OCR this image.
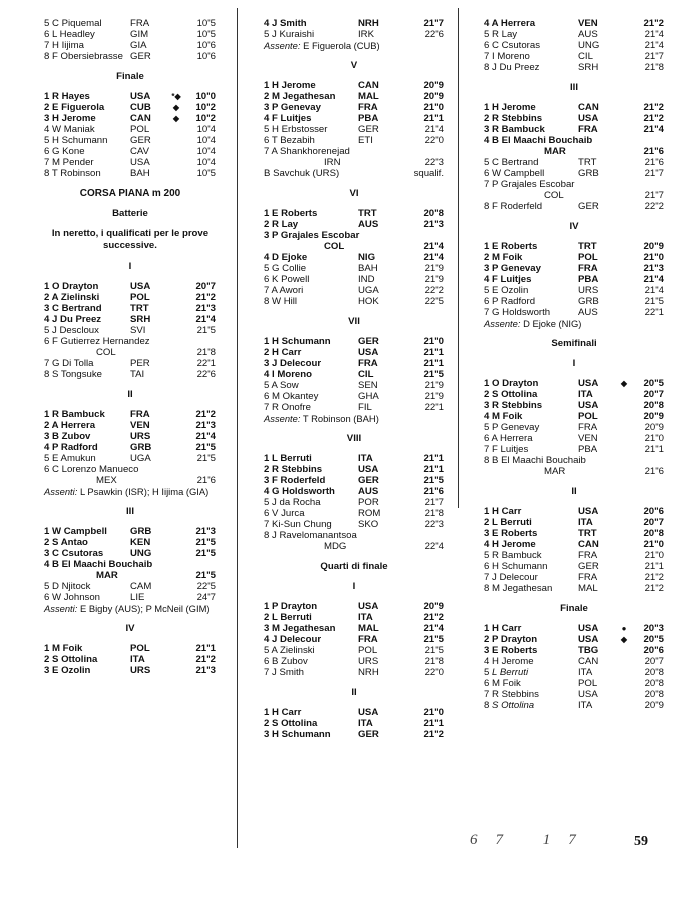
5 C Piquemal	FRA	10"5
6 L Headley	GIM	10"5
7 H Iijima	GIA	10"6
8 F Obersiebrasse GER	10"6
Finale
1 R Hayes	USA	*◆	10"0
2 E Figuerola	CUB	◆	10"2
3 H Jerome	CAN	◆	10"2
4 W Maniak	POL	10"4
5 H Schumann	GER	10"4
6 G Kone	CAV	10"4
7 M Pender	USA	10"4
8 T Robinson	BAH	10"5
CORSA PIANA m 200
Batterie
In neretto, i qualificati per le prove successive.
I
1 O Drayton	USA	20"7
2 A Zielinski	POL	21"2
3 C Bertrand	TRT	21"3
4 J Du Preez	SRH	21"4
5 J Descloux	SVI	21"5
6 F Gutierrez Hernandez
COL	21"8
7 G Di Tolla	PER	22"1
8 S Tongsuke	TAI	22"6
II
1 R Bambuck	FRA	21"2
2 A Herrera	VEN	21"3
3 B Zubov	URS	21"4
4 P Radford	GRB	21"5
5 E Amukun	UGA	21"5
6 C Lorenzo Manueco
MEX	21"6
Assenti: L Psawkin (ISR); H Iijima (GIA)
III
1 W Campbell	GRB	21"3
2 S Antao	KEN	21"5
3 C Csutoras	UNG	21"5
4 B El Maachi Bouchaib
MAR	21"5
5 D Njitock	CAM	22"5
6 W Johnson	LIE	24"7
Assenti: E Bigby (AUS); P McNeil (GIM)
IV
1 M Foik	POL	21"1
2 S Ottolina	ITA	21"2
3 E Ozolin	URS	21"3
4 J Smith	NRH	21"7
5 J Kuraishi	IRK	22"6
Assente: E Figuerola (CUB)
V
1 H Jerome	CAN	20"9
2 M Jegathesan	MAL	20"9
3 P Genevay	FRA	21"0
4 F Luitjes	PBA	21"1
5 H Erbstosser	GER	21"4
6 T Bezabih	ETI	22"0
7 A Shankhorenejad
IRN	22"3
B Savchuk (URS)	squalif.
VI
1 E Roberts	TRT	20"8
2 R Lay	AUS	21"3
3 P Grajales Escobar
COL	21"4
4 D Ejoke	NIG	21"4
5 G Collie	BAH	21"9
6 K Powell	IND	21"9
7 A Awori	UGA	22"2
8 W Hill	HOK	22"5
VII
1 H Schumann	GER	21"0
2 H Carr	USA	21"1
3 J Delecour	FRA	21"1
4 I Moreno	CIL	21"5
5 A Sow	SEN	21"9
6 M Okantey	GHA	21"9
7 R Onofre	FIL	22"1
Assente: T Robinson (BAH)
VIII
1 L Berruti	ITA	21"1
2 R Stebbins	USA	21"1
3 F Roderfeld	GER	21"5
4 G Holdsworth	AUS	21"6
5 J da Rocha	POR	21"7
6 V Jurca	ROM	21"8
7 Ki-Sun Chung	SKO	22"3
8 J Ravelomanantsoa
MDG	22"4
Quarti di finale
I
1 P Drayton	USA	20"9
2 L Berruti	ITA	21"2
3 M Jegathesan	MAL	21"4
4 J Delecour	FRA	21"5
5 A Zielinski	POL	21"5
6 B Zubov	URS	21"8
7 J Smith	NRH	22"0
II
1 H Carr	USA	21"0
2 S Ottolina	ITA	21"1
3 H Schumann	GER	21"2
4 A Herrera	VEN	21"2
5 R Lay	AUS	21"4
6 C Csutoras	UNG	21"4
7 I Moreno	CIL	21"7
8 J Du Preez	SRH	21"8
III
1 H Jerome	CAN	21"2
2 R Stebbins	USA	21"2
3 R Bambuck	FRA	21"4
4 B El Maachi Bouchaib
MAR	21"6
5 C Bertrand	TRT	21"6
6 W Campbell	GRB	21"7
7 P Grajales Escobar
COL	21"7
8 F Roderfeld	GER	22"2
IV
1 E Roberts	TRT	20"9
2 M Foik	POL	21"0
3 P Genevay	FRA	21"3
4 F Luitjes	PBA	21"4
5 E Ozolin	URS	21"4
6 P Radford	GRB	21"5
7 G Holdsworth	AUS	22"1
Assente: D Ejoke (NIG)
Semifinali
I
1 O Drayton	USA	◆	20"5
2 S Ottolina	ITA	20"7
3 R Stebbins	USA	20"8
4 M Foik	POL	20"9
5 P Genevay	FRA	20"9
6 A Herrera	VEN	21"0
7 F Luitjes	PBA	21"1
8 B El Maachi Bouchaib
MAR	21"6
II
1 H Carr	USA	20"6
2 L Berruti	ITA	20"7
3 E Roberts	TRT	20"8
4 H Jerome	CAN	21"0
5 R Bambuck	FRA	21"0
6 H Schumann	GER	21"1
7 J Delecour	FRA	21"2
8 M Jegathesan	MAL	21"2
Finale
1 H Carr	USA	●	20"3
2 P Drayton	USA	◆	20"5
3 E Roberts	TBG	20"6
4 H Jerome	CAN	20"7
5 L Berruti	ITA	20"8
6 M Foik	POL	20"8
7 R Stebbins	USA	20"8
8 S Ottolina	ITA	20"9
67 17	59
